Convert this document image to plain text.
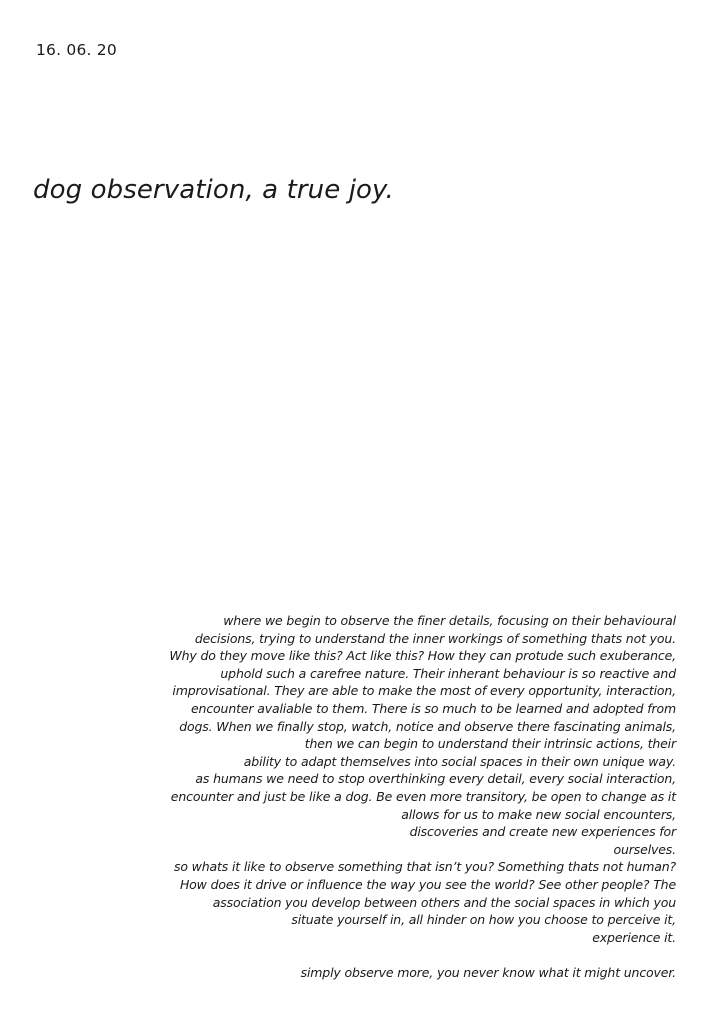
16. 06. 20
dog observation, a true joy.
where we begin to observe the finer details, focusing on their behavioural
decisions, trying to understand the inner workings of something thats not you.
Why do they move like this? Act like this? How they can protude such exuberance,
uphold such a carefree nature. Their inherant behaviour is so reactive and
improvisational. They are able to make the most of every opportunity, interaction,
encounter avaliable to them. There is so much to be learned and adopted from
dogs. When we finally stop, watch, notice and observe there fascinating animals,
then we can begin to understand their intrinsic actions, their
ability to adapt themselves into social spaces in their own unique way.
as humans we need to stop overthinking every detail, every social interaction,
encounter and just be like a dog. Be even more transitory, be open to change as it
allows for us to make new social encounters,
discoveries and create new experiences for
ourselves.
so whats it like to observe something that isn’t you? Something thats not human?
How does it drive or influence the way you see the world? See other people? The
association you develop between others and the social spaces in which you
situate yourself in, all hinder on how you choose to perceive it,
experience it.
simply observe more, you never know what it might uncover.
